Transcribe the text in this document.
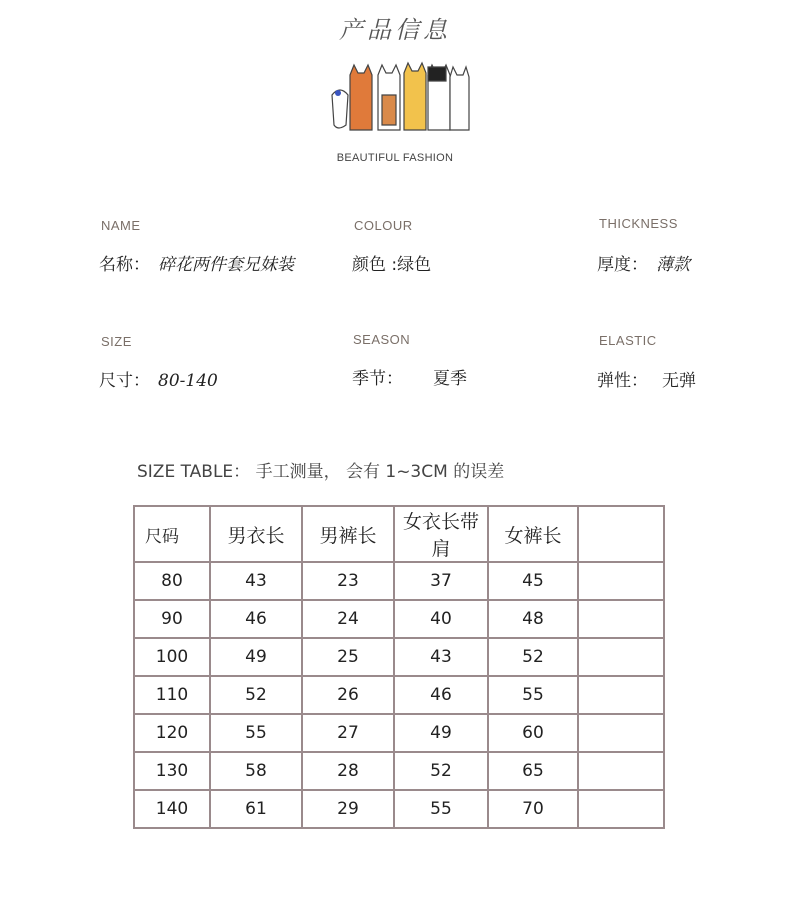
产品信息
BEAUTIFUL FASHION
NAME
名称： 碎花两件套兄妹装
COLOUR
颜色 :绿色
THICKNESS
厚度： 薄款
SIZE
尺寸： 80-140
SEASON
季节： 夏季
ELASTIC
弹性： 无弹
SIZE TABLE： 手工测量， 会有 1~3CM 的误差
尺码	男衣长	男裤长	女衣长带肩	女裤长	
80	43	23	37	45	
90	46	24	40	48	
100	49	25	43	52	
110	52	26	46	55	
120	55	27	49	60	
130	58	28	52	65	
140	61	29	55	70	
